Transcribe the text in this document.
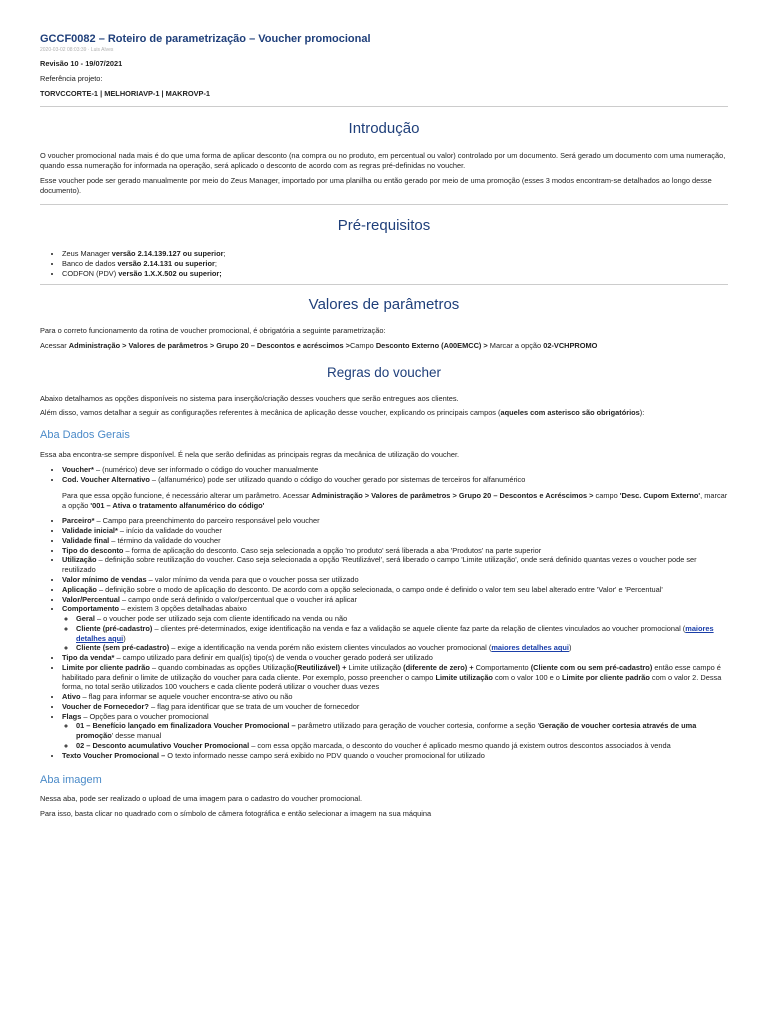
GCCF0082 – Roteiro de parametrização – Voucher promocional

2020-03-02 08:03:39 · Luis Alves

Revisão 10 - 19/07/2021

Referência projeto:

TORVCCORTE-1 | MELHORIAVP-1 | MAKROVP-1

Introdução

O voucher promocional nada mais é do que uma forma de aplicar desconto (na compra ou no produto, em percentual ou valor) controlado por um documento. Será gerado um documento com uma numeração, quando essa numeração for informada na operação, será aplicado o desconto de acordo com as regras pré-definidas no voucher.

Esse voucher pode ser gerado manualmente por meio do Zeus Manager, importado por uma planilha ou então gerado por meio de uma promoção (esses 3 modos encontram-se detalhados ao longo desse documento).

Pré-requisitos
• Zeus Manager versão 2.14.139.127 ou superior;
• Banco de dados versão 2.14.131 ou superior;
• CODFON (PDV) versão 1.X.X.502 ou superior;
Valores de parâmetros

Para o correto funcionamento da rotina de voucher promocional, é obrigatória a seguinte parametrização:

Acessar Administração > Valores de parâmetros > Grupo 20 – Descontos e acréscimos >Campo Desconto Externo (A00EMCC) > Marcar a opção 02-VCHPROMO

Regras do voucher

Abaixo detalhamos as opções disponíveis no sistema para inserção/criação desses vouchers que serão entregues aos clientes.

Além disso, vamos detalhar a seguir as configurações referentes à mecânica de aplicação desse voucher, explicando os principais campos (aqueles com asterisco são obrigatórios):

Aba Dados Gerais

Essa aba encontra-se sempre disponível. É nela que serão definidas as principais regras da mecânica de utilização do voucher.

• Voucher* – (numérico) deve ser informado o código do voucher manualmente
• Cod. Voucher Alternativo – (alfanumérico) pode ser utilizado quando o código do voucher gerado por sistemas de terceiros for alfanumérico

Para que essa opção funcione, é necessário alterar um parâmetro. Acessar Administração > Valores de parâmetros > Grupo 20 – Descontos e Acréscimos > campo 'Desc. Cupom Externo', marcar a opção '001 – Ativa o tratamento alfanumérico do código'

• Parceiro* – Campo para preenchimento do parceiro responsável pelo voucher
• Validade inicial* – início da validade do voucher
• Validade final – término da validade do voucher
• Tipo do desconto – forma de aplicação do desconto. Caso seja selecionada a opção 'no produto' será liberada a aba 'Produtos' na parte superior
• Utilização – definição sobre reutilização do voucher. Caso seja selecionada a opção 'Reutilizável', será liberado o campo 'Limite utilização', onde será definido quantas vezes o voucher pode ser reutilizado
• Valor mínimo de vendas – valor mínimo da venda para que o voucher possa ser utilizado
• Aplicação – definição sobre o modo de aplicação do desconto. De acordo com a opção selecionada, o campo onde é definido o valor tem seu label alterado entre 'Valor' e 'Percentual'
• Valor/Percentual – campo onde será definido o valor/percentual que o voucher irá aplicar
• Comportamento – existem 3 opções detalhadas abaixo
◦ Geral – o voucher pode ser utilizado seja com cliente identificado na venda ou não
◦ Cliente (pré-cadastro) – clientes pré-determinados, exige identificação na venda e faz a validação se aquele cliente faz parte da relação de clientes vinculados ao voucher promocional (maiores detalhes aqui)
◦ Cliente (sem pré-cadastro) – exige a identificação na venda porém não existem clientes vinculados ao voucher promocional (maiores detalhes aqui)
• Tipo da venda* – campo utilizado para definir em qual(is) tipo(s) de venda o voucher gerado poderá ser utilizado
• Limite por cliente padrão – quando combinadas as opções Utilização(Reutilizável) + Limite utilização (diferente de zero) + Comportamento (Cliente com ou sem pré-cadastro) então esse campo é habilitado para definir o limite de utilização do voucher para cada cliente. Por exemplo, posso preencher o campo Limite utilização com o valor 100 e o Limite por cliente padrão com o valor 2. Dessa forma, no total serão utilizados 100 vouchers e cada cliente poderá utilizar o voucher duas vezes
• Ativo – flag para informar se aquele voucher encontra-se ativo ou não
• Voucher de Fornecedor? – flag para identificar que se trata de um voucher de fornecedor
• Flags – Opções para o voucher promocional
◦ 01 – Benefício lançado em finalizadora Voucher Promocional – parâmetro utilizado para geração de voucher cortesia, conforme a seção 'Geração de voucher cortesia através de uma promoção' desse manual
◦ 02 – Desconto acumulativo Voucher Promocional – com essa opção marcada, o desconto do voucher é aplicado mesmo quando já existem outros descontos associados à venda
• Texto Voucher Promocional – O texto informado nesse campo será exibido no PDV quando o voucher promocional for utilizado
Aba imagem

Nessa aba, pode ser realizado o upload de uma imagem para o cadastro do voucher promocional.

Para isso, basta clicar no quadrado com o símbolo de câmera fotográfica e então selecionar a imagem na sua máquina
